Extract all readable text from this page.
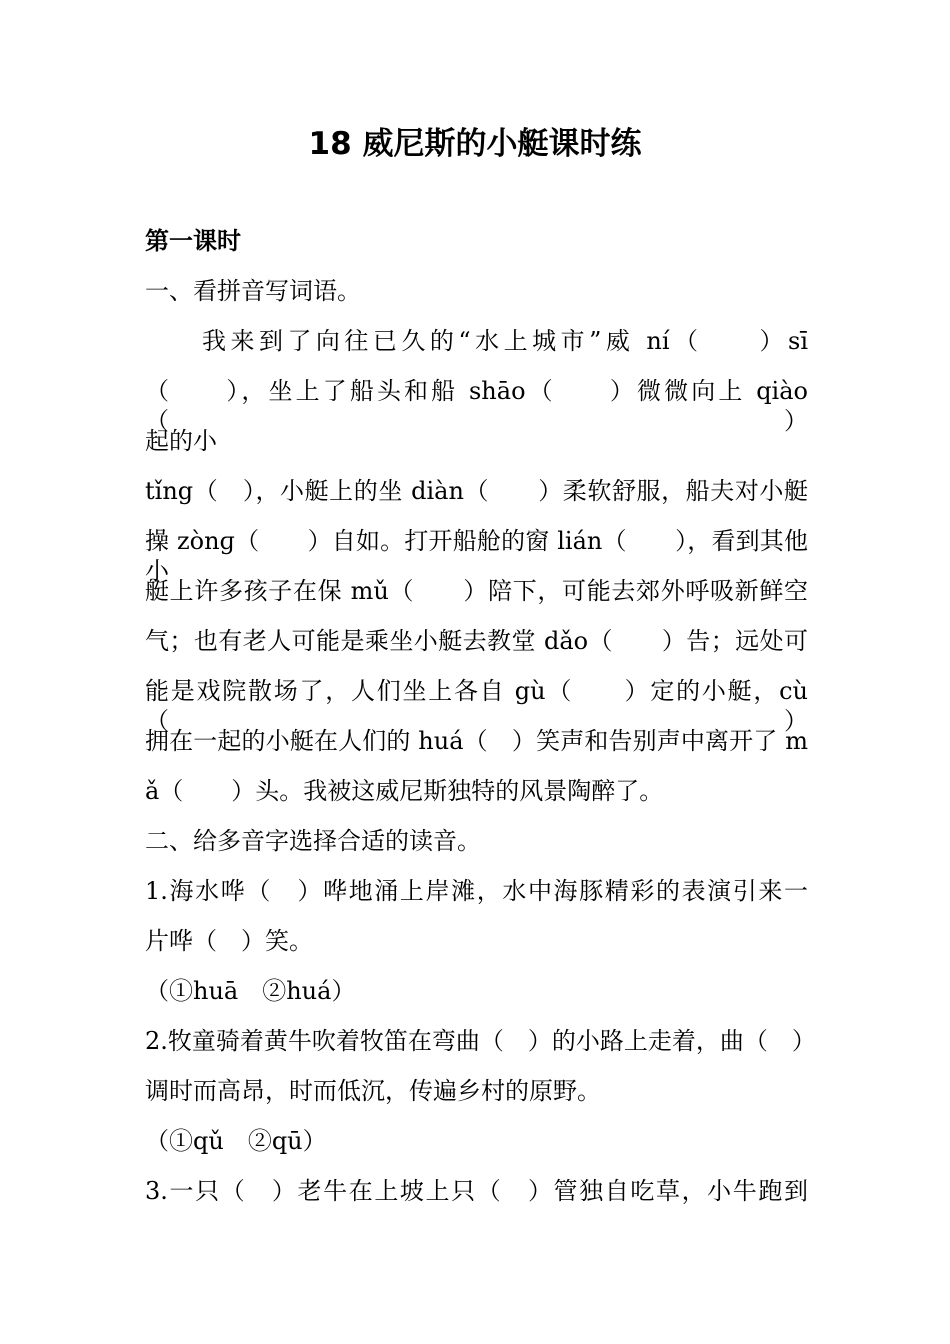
18 威尼斯的小艇课时练
第一课时
一、看拼音写词语。
　　我来到了向往已久的“水上城市”威 ní（　　）sī
（　　），坐上了船头和船 shāo（　　）微微向上 qiào（　　）
起的小
tǐng（　），小艇上的坐 diàn（　　）柔软舒服，船夫对小艇
操 zònɡ（　　）自如。打开船舱的窗 lián（　　），看到其他小
艇上许多孩子在保 mǔ（　　）陪下，可能去郊外呼吸新鲜空
气；也有老人可能是乘坐小艇去教堂 dǎo（　　）告；远处可
能是戏院散场了，人们坐上各自 gù（　　）定的小艇，cù（　　）
拥在一起的小艇在人们的 huá（　）笑声和告别声中离开了 m
ǎ（　　）头。我被这威尼斯独特的风景陶醉了。
二、给多音字选择合适的读音。
1.海水哗（　）哗地涌上岸滩，水中海豚精彩的表演引来一
片哗（　）笑。
（①huā　②huá）
2.牧童骑着黄牛吹着牧笛在弯曲（　）的小路上走着，曲（　）
调时而高昂，时而低沉，传遍乡村的原野。
（①qǔ　②qū）
3.一只（　）老牛在上坡上只（　）管独自吃草，小牛跑到
